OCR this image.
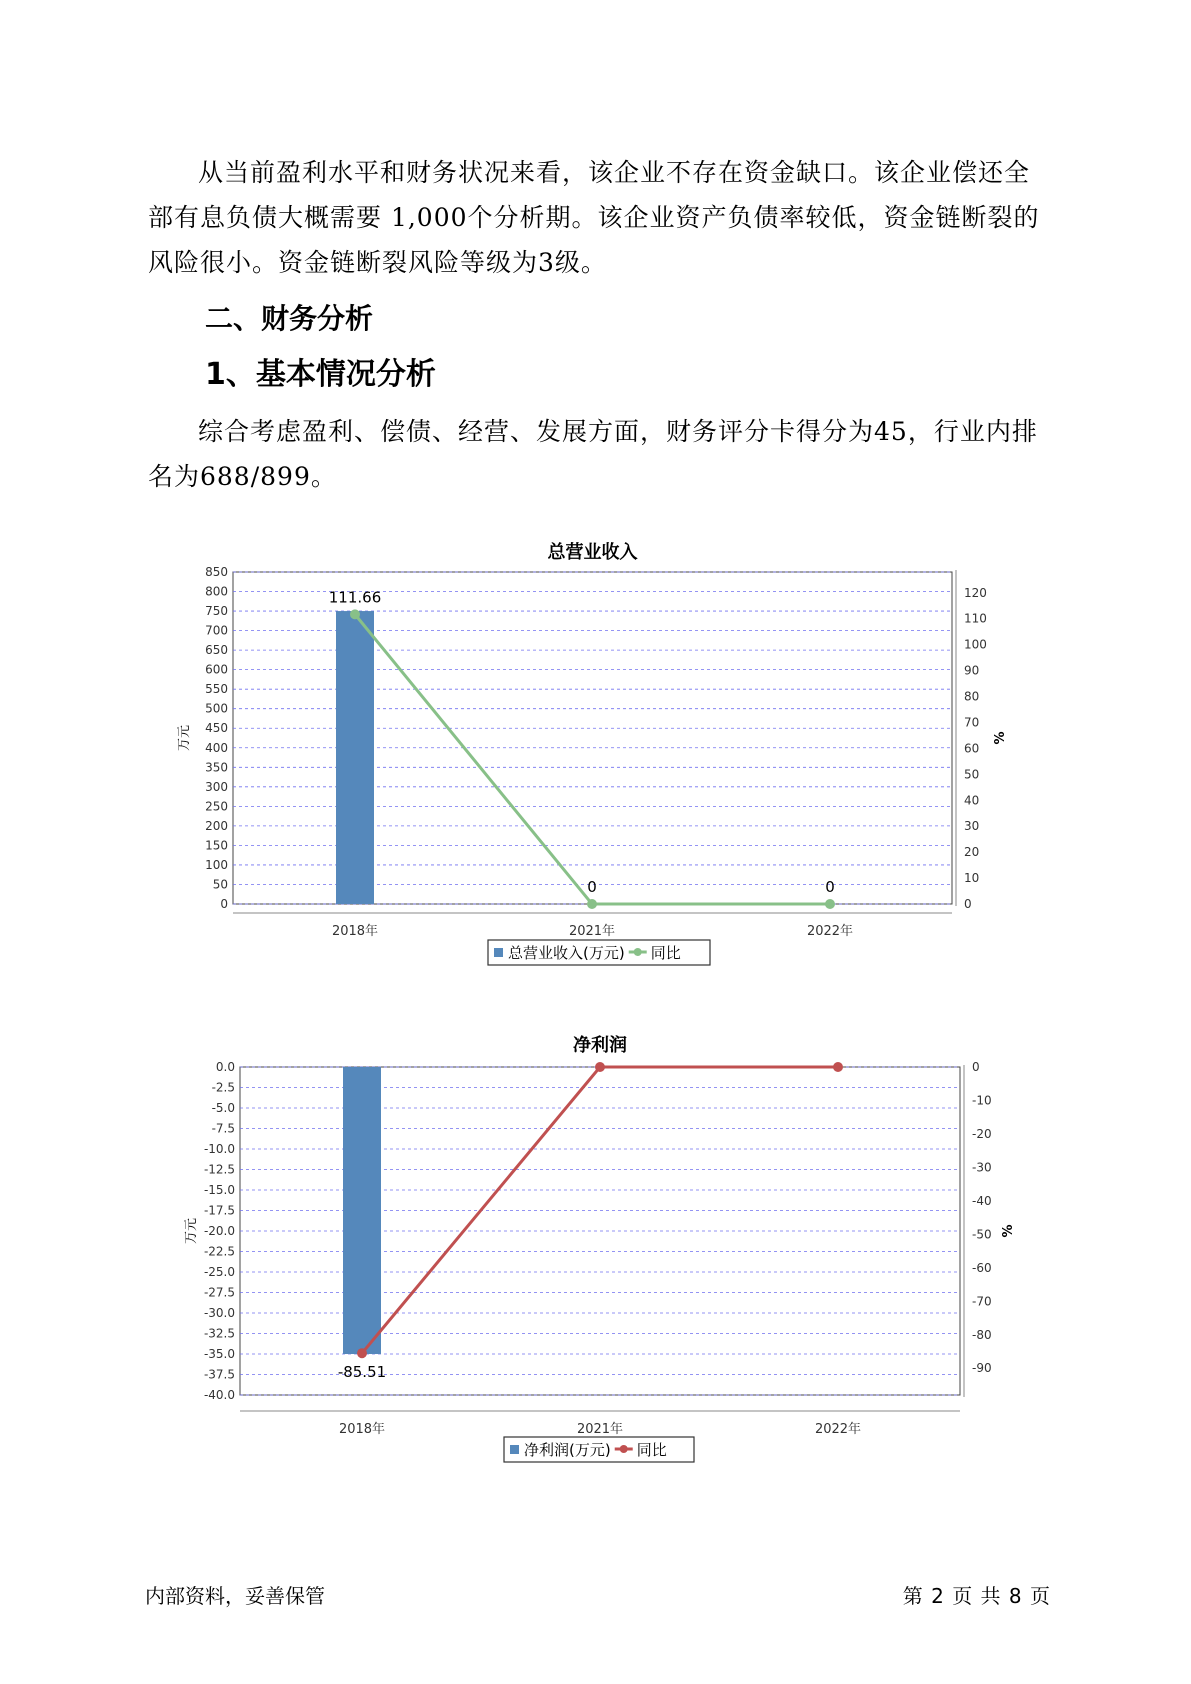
从当前盈利水平和财务状况来看，该企业不存在资金缺口。该企业偿还全部有息负债大概需要 1,000个分析期。该企业资产负债率较低，资金链断裂的风险很小。资金链断裂风险等级为3级。
二、财务分析
1、基本情况分析
综合考虑盈利、偿债、经营、发展方面，财务评分卡得分为45，行业内排名为688/899。
总营业收入
0
50
100
150
200
250
300
350
400
450
500
550
600
650
700
750
800
850
0
10
20
30
40
50
60
70
80
90
100
110
120
万元	%
111.66
0	0
2018年	2021年	2022年
总营业收入(万元) 同比
净利润
0.0
-2.5
-5.0
-7.5
-10.0
-12.5
-15.0
-17.5
-20.0
-22.5
-25.0
-27.5
-30.0
-32.5
-35.0
-37.5
-40.0
0
-10
-20
-30
-40
-50
-60
-70
-80
-90
万元	%
-85.51
2018年	2021年	2022年
净利润(万元) 同比
内部资料，妥善保管	第 2 页 共 8 页
